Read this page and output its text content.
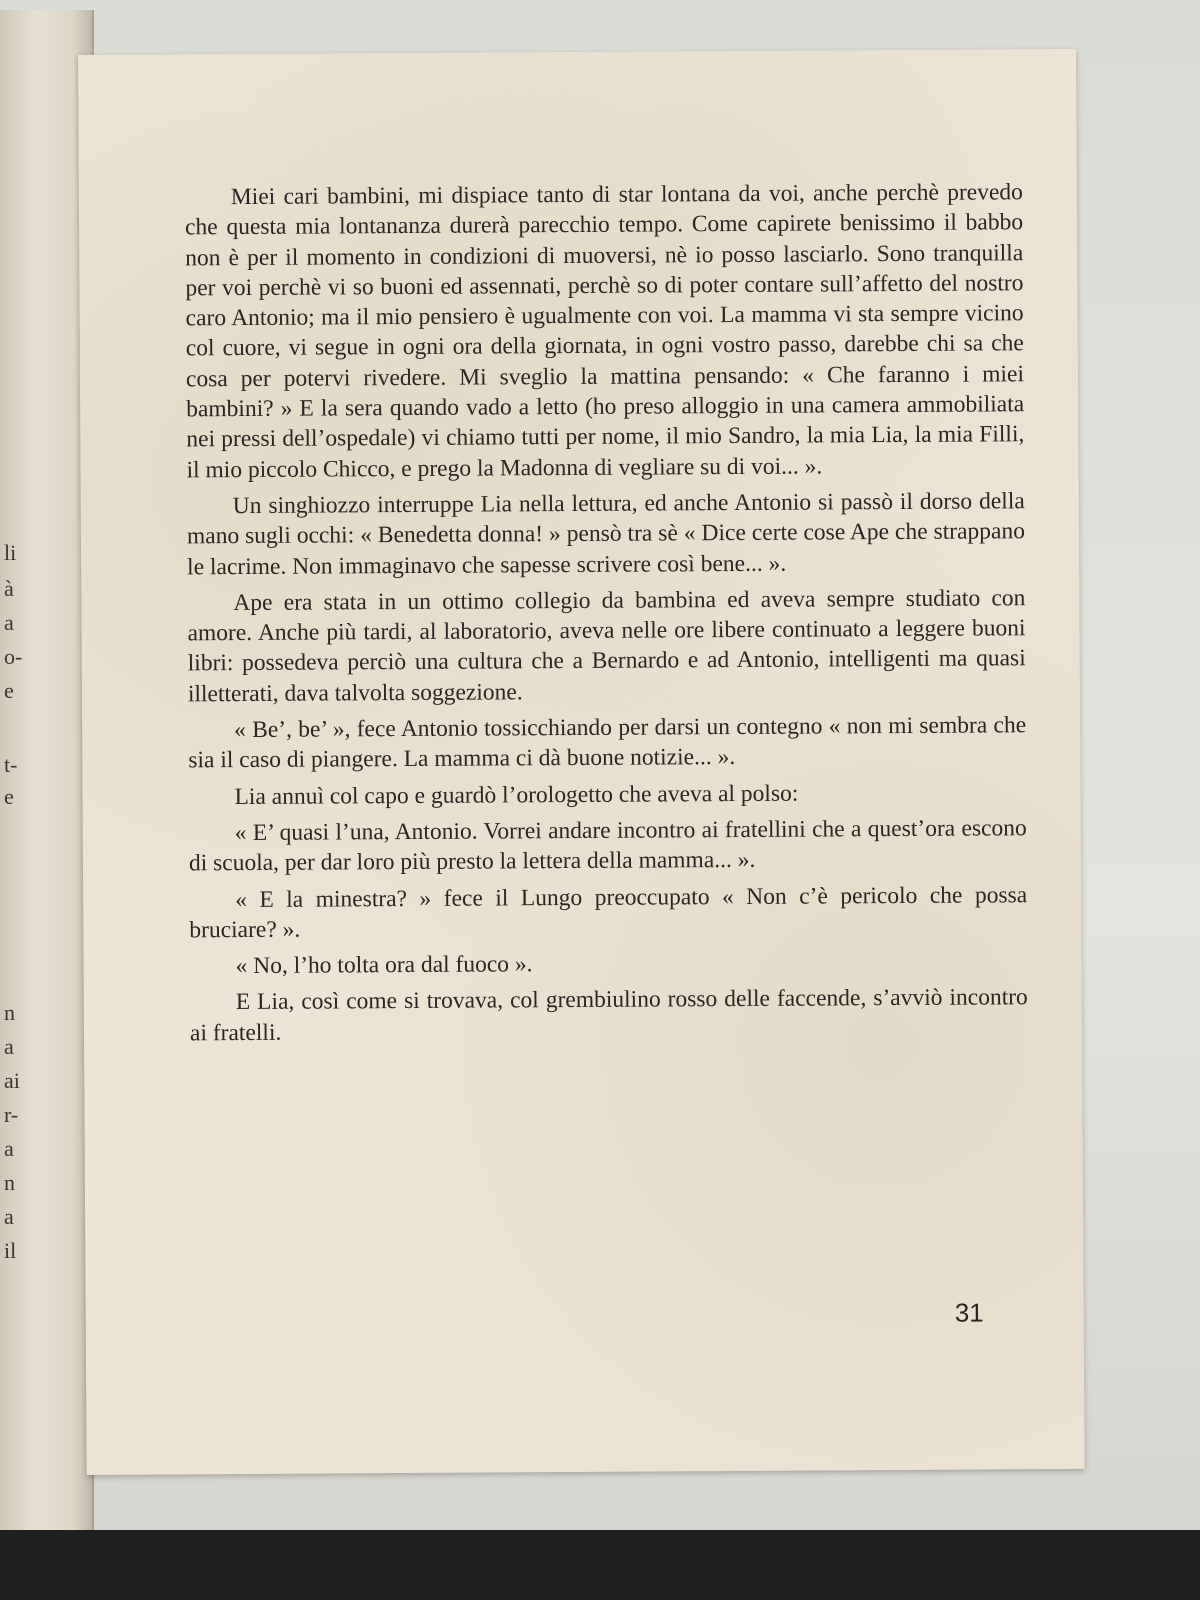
li
à
a
o-
e
t-
e
n
a
ai
r-
a
n
a
il

Miei cari bambini, mi dispiace tanto di star lontana da voi, anche perchè prevedo che questa mia lontananza durerà parecchio tempo. Come capirete benissimo il babbo non è per il momento in condizioni di muoversi, nè io posso lasciarlo. Sono tranquilla per voi perchè vi so buoni ed assennati, perchè so di poter contare sull’affetto del nostro caro Antonio; ma il mio pensiero è ugualmente con voi. La mamma vi sta sempre vicino col cuore, vi segue in ogni ora della giornata, in ogni vostro passo, darebbe chi sa che cosa per potervi rivedere. Mi sveglio la mattina pensando: « Che faranno i miei bambini? » E la sera quando vado a letto (ho preso alloggio in una camera ammobiliata nei pressi dell’ospedale) vi chiamo tutti per nome, il mio Sandro, la mia Lia, la mia Filli, il mio piccolo Chicco, e prego la Madonna di vegliare su di voi... ».

Un singhiozzo interruppe Lia nella lettura, ed anche Antonio si passò il dorso della mano sugli occhi: « Benedetta donna! » pensò tra sè « Dice certe cose Ape che strappano le lacrime. Non immaginavo che sapesse scrivere così bene... ».

Ape era stata in un ottimo collegio da bambina ed aveva sempre studiato con amore. Anche più tardi, al laboratorio, aveva nelle ore libere continuato a leggere buoni libri: possedeva perciò una cultura che a Bernardo e ad Antonio, intelligenti ma quasi illetterati, dava talvolta soggezione.

« Be’, be’ », fece Antonio tossicchiando per darsi un contegno « non mi sembra che sia il caso di piangere. La mamma ci dà buone notizie... ».

Lia annuì col capo e guardò l’orologetto che aveva al polso:

« E’ quasi l’una, Antonio. Vorrei andare incontro ai fratellini che a quest’ora escono di scuola, per dar loro più presto la lettera della mamma... ».

« E la minestra? » fece il Lungo preoccupato « Non c’è pericolo che possa bruciare? ».

« No, l’ho tolta ora dal fuoco ».

E Lia, così come si trovava, col grembiulino rosso delle faccende, s’avviò incontro ai fratelli.

31
